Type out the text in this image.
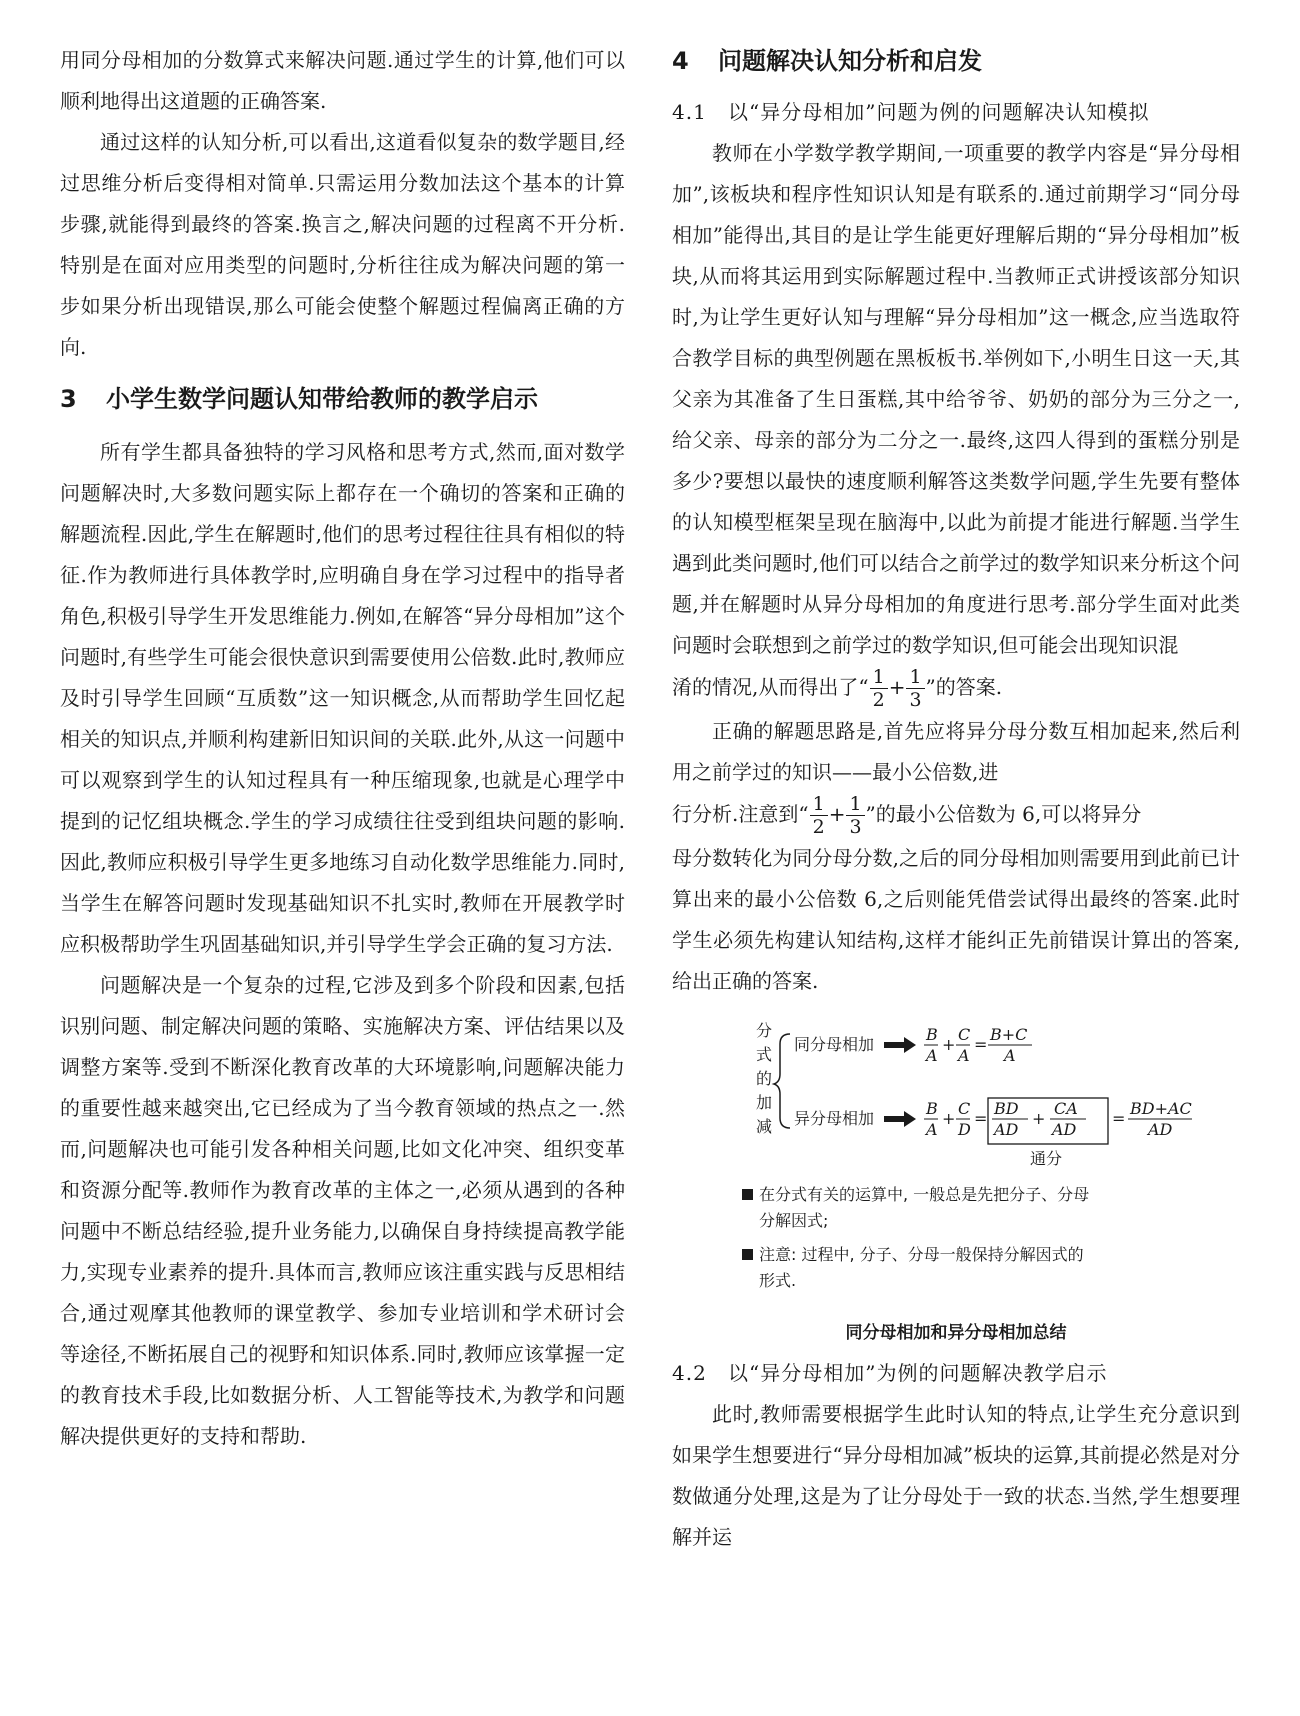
用同分母相加的分数算式来解决问题.通过学生的计算,他们可以顺利地得出这道题的正确答案.

通过这样的认知分析,可以看出,这道看似复杂的数学题目,经过思维分析后变得相对简单.只需运用分数加法这个基本的计算步骤,就能得到最终的答案.换言之,解决问题的过程离不开分析.特别是在面对应用类型的问题时,分析往往成为解决问题的第一步如果分析出现错误,那么可能会使整个解题过程偏离正确的方向.

3	小学生数学问题认知带给教师的教学启示

所有学生都具备独特的学习风格和思考方式,然而,面对数学问题解决时,大多数问题实际上都存在一个确切的答案和正确的解题流程.因此,学生在解题时,他们的思考过程往往具有相似的特征.作为教师进行具体教学时,应明确自身在学习过程中的指导者角色,积极引导学生开发思维能力.例如,在解答“异分母相加”这个问题时,有些学生可能会很快意识到需要使用公倍数.此时,教师应及时引导学生回顾“互质数”这一知识概念,从而帮助学生回忆起相关的知识点,并顺利构建新旧知识间的关联.此外,从这一问题中可以观察到学生的认知过程具有一种压缩现象,也就是心理学中提到的记忆组块概念.学生的学习成绩往往受到组块问题的影响.因此,教师应积极引导学生更多地练习自动化数学思维能力.同时,当学生在解答问题时发现基础知识不扎实时,教师在开展教学时应积极帮助学生巩固基础知识,并引导学生学会正确的复习方法.

问题解决是一个复杂的过程,它涉及到多个阶段和因素,包括识别问题、制定解决问题的策略、实施解决方案、评估结果以及调整方案等.受到不断深化教育改革的大环境影响,问题解决能力的重要性越来越突出,它已经成为了当今教育领域的热点之一.然而,问题解决也可能引发各种相关问题,比如文化冲突、组织变革和资源分配等.教师作为教育改革的主体之一,必须从遇到的各种问题中不断总结经验,提升业务能力,以确保自身持续提高教学能力,实现专业素养的提升.具体而言,教师应该注重实践与反思相结合,通过观摩其他教师的课堂教学、参加专业培训和学术研讨会等途径,不断拓展自己的视野和知识体系.同时,教师应该掌握一定的教育技术手段,比如数据分析、人工智能等技术,为教学和问题解决提供更好的支持和帮助.

4	问题解决认知分析和启发
4.1	以“异分母相加”问题为例的问题解决认知模拟

教师在小学数学教学期间,一项重要的教学内容是“异分母相加”,该板块和程序性知识认知是有联系的.通过前期学习“同分母相加”能得出,其目的是让学生能更好理解后期的“异分母相加”板块,从而将其运用到实际解题过程中.当教师正式讲授该部分知识时,为让学生更好认知与理解“异分母相加”这一概念,应当选取符合教学目标的典型例题在黑板板书.举例如下,小明生日这一天,其父亲为其准备了生日蛋糕,其中给爷爷、奶奶的部分为三分之一,给父亲、母亲的部分为二分之一.最终,这四人得到的蛋糕分别是多少?要想以最快的速度顺利解答这类数学问题,学生先要有整体的认知模型框架呈现在脑海中,以此为前提才能进行解题.当学生遇到此类问题时,他们可以结合之前学过的数学知识来分析这个问题,并在解题时从异分母相加的角度进行思考.部分学生面对此类问题时会联想到之前学过的数学知识,但可能会出现知识混

淆的情况,从而得出了“ $\frac{1}{2} + \frac{1}{3}$ ”的答案.

正确的解题思路是,首先应将异分母分数互相加起来,然后利用之前学过的知识——最小公倍数,进

行分析.注意到“ $\frac{1}{2} + \frac{1}{3}$ ”的最小公倍数为 6,可以将异分

母分数转化为同分母分数,之后的同分母相加则需要用到此前已计算出来的最小公倍数 6,之后则能凭借尝试得出最终的答案.此时学生必须先构建认知结构,这样才能纠正先前错误计算出的答案,给出正确的答案.

分
式
的
加
减
同分母相加
B
A
+
C
A
=
B+C
A
异分母相加
B
A
+
C
D
=
BD
AD
+
CA
AD
=
BD+AC
AD
通分
在分式有关的运算中, 一般总是先把分子、分母分解因式;
注意: 过程中, 分子、分母一般保持分解因式的形式.
同分母相加和异分母相加总结
4.2	以“异分母相加”为例的问题解决教学启示

此时,教师需要根据学生此时认知的特点,让学生充分意识到如果学生想要进行“异分母相加减”板块的运算,其前提必然是对分数做通分处理,这是为了让分母处于一致的状态.当然,学生想要理解并运
